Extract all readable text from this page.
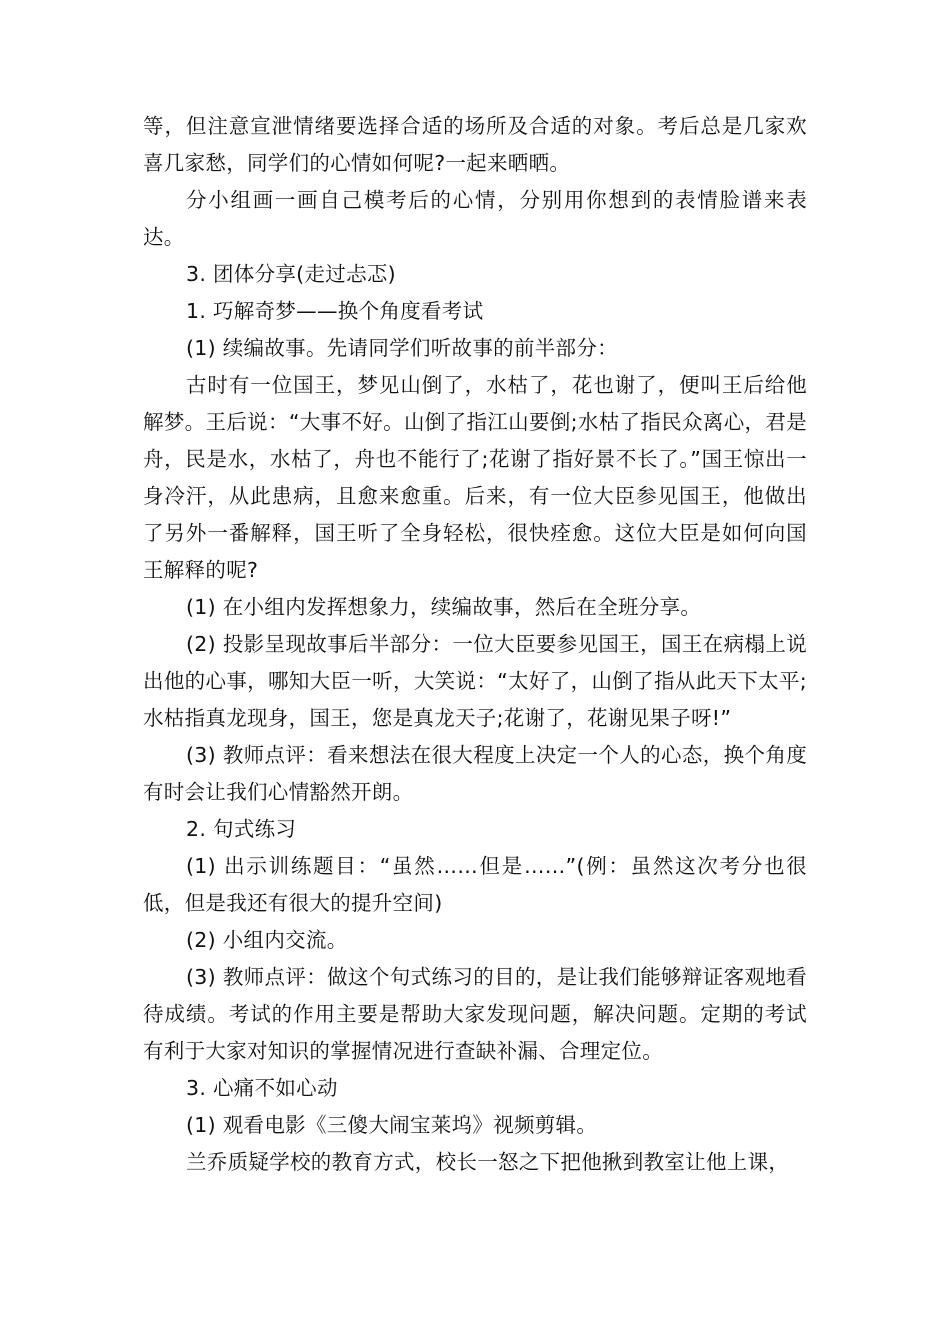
等，但注意宣泄情绪要选择合适的场所及合适的对象。考后总是几家欢喜几家愁，同学们的心情如何呢?一起来晒晒。

分小组画一画自己模考后的心情，分别用你想到的表情脸谱来表达。

3. 团体分享(走过忐忑)

1. 巧解奇梦——换个角度看考试

(1) 续编故事。先请同学们听故事的前半部分：

古时有一位国王，梦见山倒了，水枯了，花也谢了，便叫王后给他解梦。王后说：“大事不好。山倒了指江山要倒;水枯了指民众离心，君是舟，民是水，水枯了，舟也不能行了;花谢了指好景不长了。”国王惊出一身冷汗，从此患病，且愈来愈重。后来，有一位大臣参见国王，他做出了另外一番解释，国王听了全身轻松，很快痊愈。这位大臣是如何向国王解释的呢?

(1) 在小组内发挥想象力，续编故事，然后在全班分享。

(2) 投影呈现故事后半部分：一位大臣要参见国王，国王在病榻上说出他的心事，哪知大臣一听，大笑说：“太好了，山倒了指从此天下太平;水枯指真龙现身，国王，您是真龙天子;花谢了，花谢见果子呀!”

(3) 教师点评：看来想法在很大程度上决定一个人的心态，换个角度有时会让我们心情豁然开朗。

2. 句式练习

(1) 出示训练题目：“虽然……但是……”(例：虽然这次考分也很低，但是我还有很大的提升空间)

(2) 小组内交流。

(3) 教师点评：做这个句式练习的目的，是让我们能够辩证客观地看待成绩。考试的作用主要是帮助大家发现问题，解决问题。定期的考试有利于大家对知识的掌握情况进行查缺补漏、合理定位。

3. 心痛不如心动

(1) 观看电影《三傻大闹宝莱坞》视频剪辑。

兰乔质疑学校的教育方式，校长一怒之下把他揪到教室让他上课，
